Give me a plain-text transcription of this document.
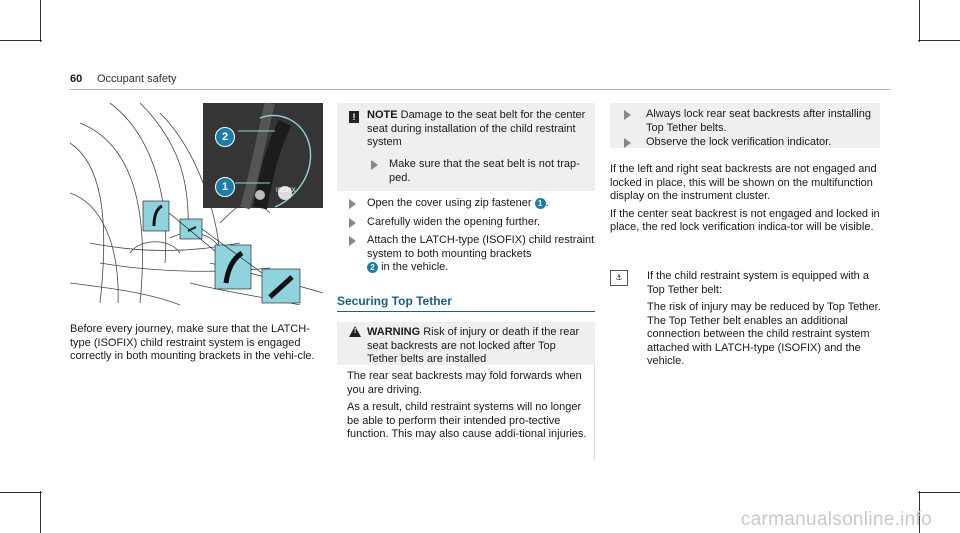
60 Occupant safety
2
1	ISOFIX
Before every journey, make sure that the LATCH-type (ISOFIX) child restraint system is engaged correctly in both mounting brackets in the vehi-cle.
!	NOTE Damage to the seat belt for the center seat during installation of the child restraint system
Make sure that the seat belt is not trap-ped.
Open the cover using zip fastener 1 .
Carefully widen the opening further.
Attach the LATCH-type (ISOFIX) child restraint system to both mounting brackets
2 in the vehicle.
Securing Top Tether
! WARNING Risk of injury or death if the rear seat backrests are not locked after Top Tether belts are installed
The rear seat backrests may fold forwards when you are driving.
As a result, child restraint systems will no longer be able to perform their intended pro-tective function. This may also cause addi-tional injuries.
Always lock rear seat backrests after installing Top Tether belts.
Observe the lock verification indicator.

If the left and right seat backrests are not engaged and locked in place, this will be shown on the multifunction display on the instrument cluster.

If the center seat backrest is not engaged and locked in place, the red lock verification indica-tor will be visible.

⚓	If the child restraint system is equipped with a Top Tether belt:
The risk of injury may be reduced by Top Tether. The Top Tether belt enables an additional connection between the child restraint system attached with LATCH-type (ISOFIX) and the vehicle.
carmanualsonline.info
